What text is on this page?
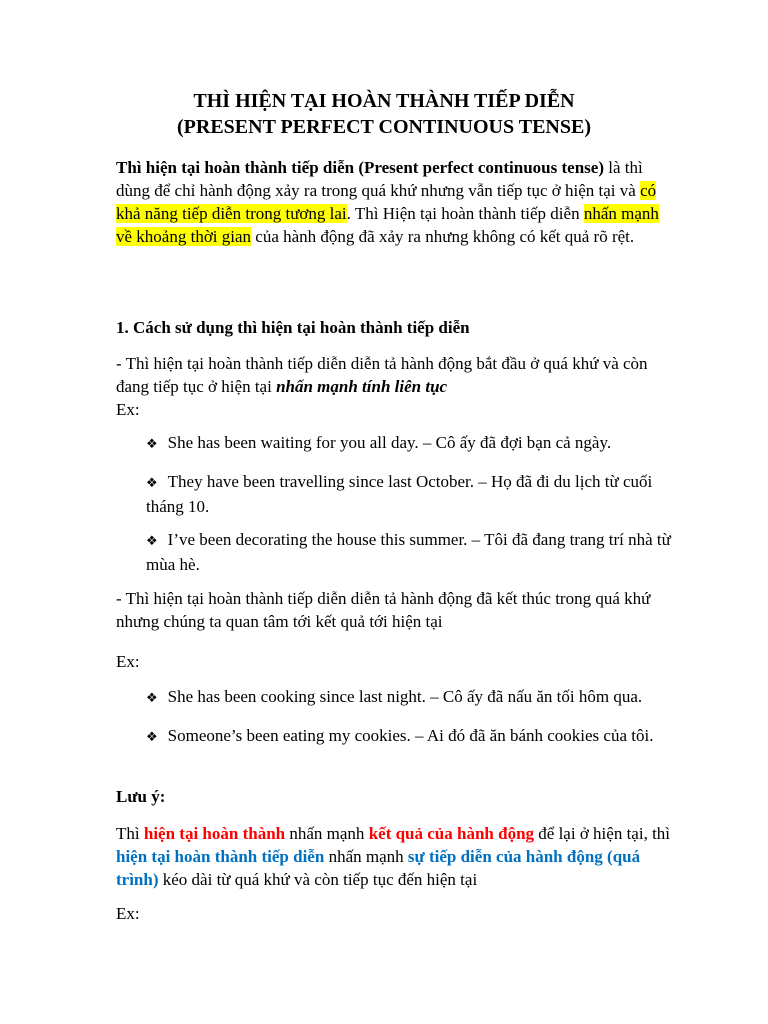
THÌ HIỆN TẠI HOÀN THÀNH TIẾP DIỄN
(PRESENT PERFECT CONTINUOUS TENSE)
Thì hiện tại hoàn thành tiếp diễn (Present perfect continuous tense) là thì dùng để chỉ hành động xảy ra trong quá khứ nhưng vẫn tiếp tục ở hiện tại và có khả năng tiếp diễn trong tương lai. Thì Hiện tại hoàn thành tiếp diễn nhấn mạnh về khoảng thời gian của hành động đã xảy ra nhưng không có kết quả rõ rệt.
1. Cách sử dụng thì hiện tại hoàn thành tiếp diễn
- Thì hiện tại hoàn thành tiếp diễn diễn tả hành động bắt đầu ở quá khứ và còn đang tiếp tục ở hiện tại nhấn mạnh tính liên tục
Ex:
❖ She has been waiting for you all day. – Cô ấy đã đợi bạn cả ngày.
❖ They have been travelling since last October. – Họ đã đi du lịch từ cuối tháng 10.
❖ I’ve been decorating the house this summer. – Tôi đã đang trang trí nhà từ mùa hè.
- Thì hiện tại hoàn thành tiếp diễn diễn tả hành động đã kết thúc trong quá khứ nhưng chúng ta quan tâm tới kết quả tới hiện tại
Ex:
❖ She has been cooking since last night. – Cô ấy đã nấu ăn tối hôm qua.
❖ Someone’s been eating my cookies. – Ai đó đã ăn bánh cookies của tôi.
Lưu ý:
Thì hiện tại hoàn thành nhấn mạnh kết quả của hành động để lại ở hiện tại, thì hiện tại hoàn thành tiếp diễn nhấn mạnh sự tiếp diễn của hành động (quá trình) kéo dài từ quá khứ và còn tiếp tục đến hiện tại
Ex:
